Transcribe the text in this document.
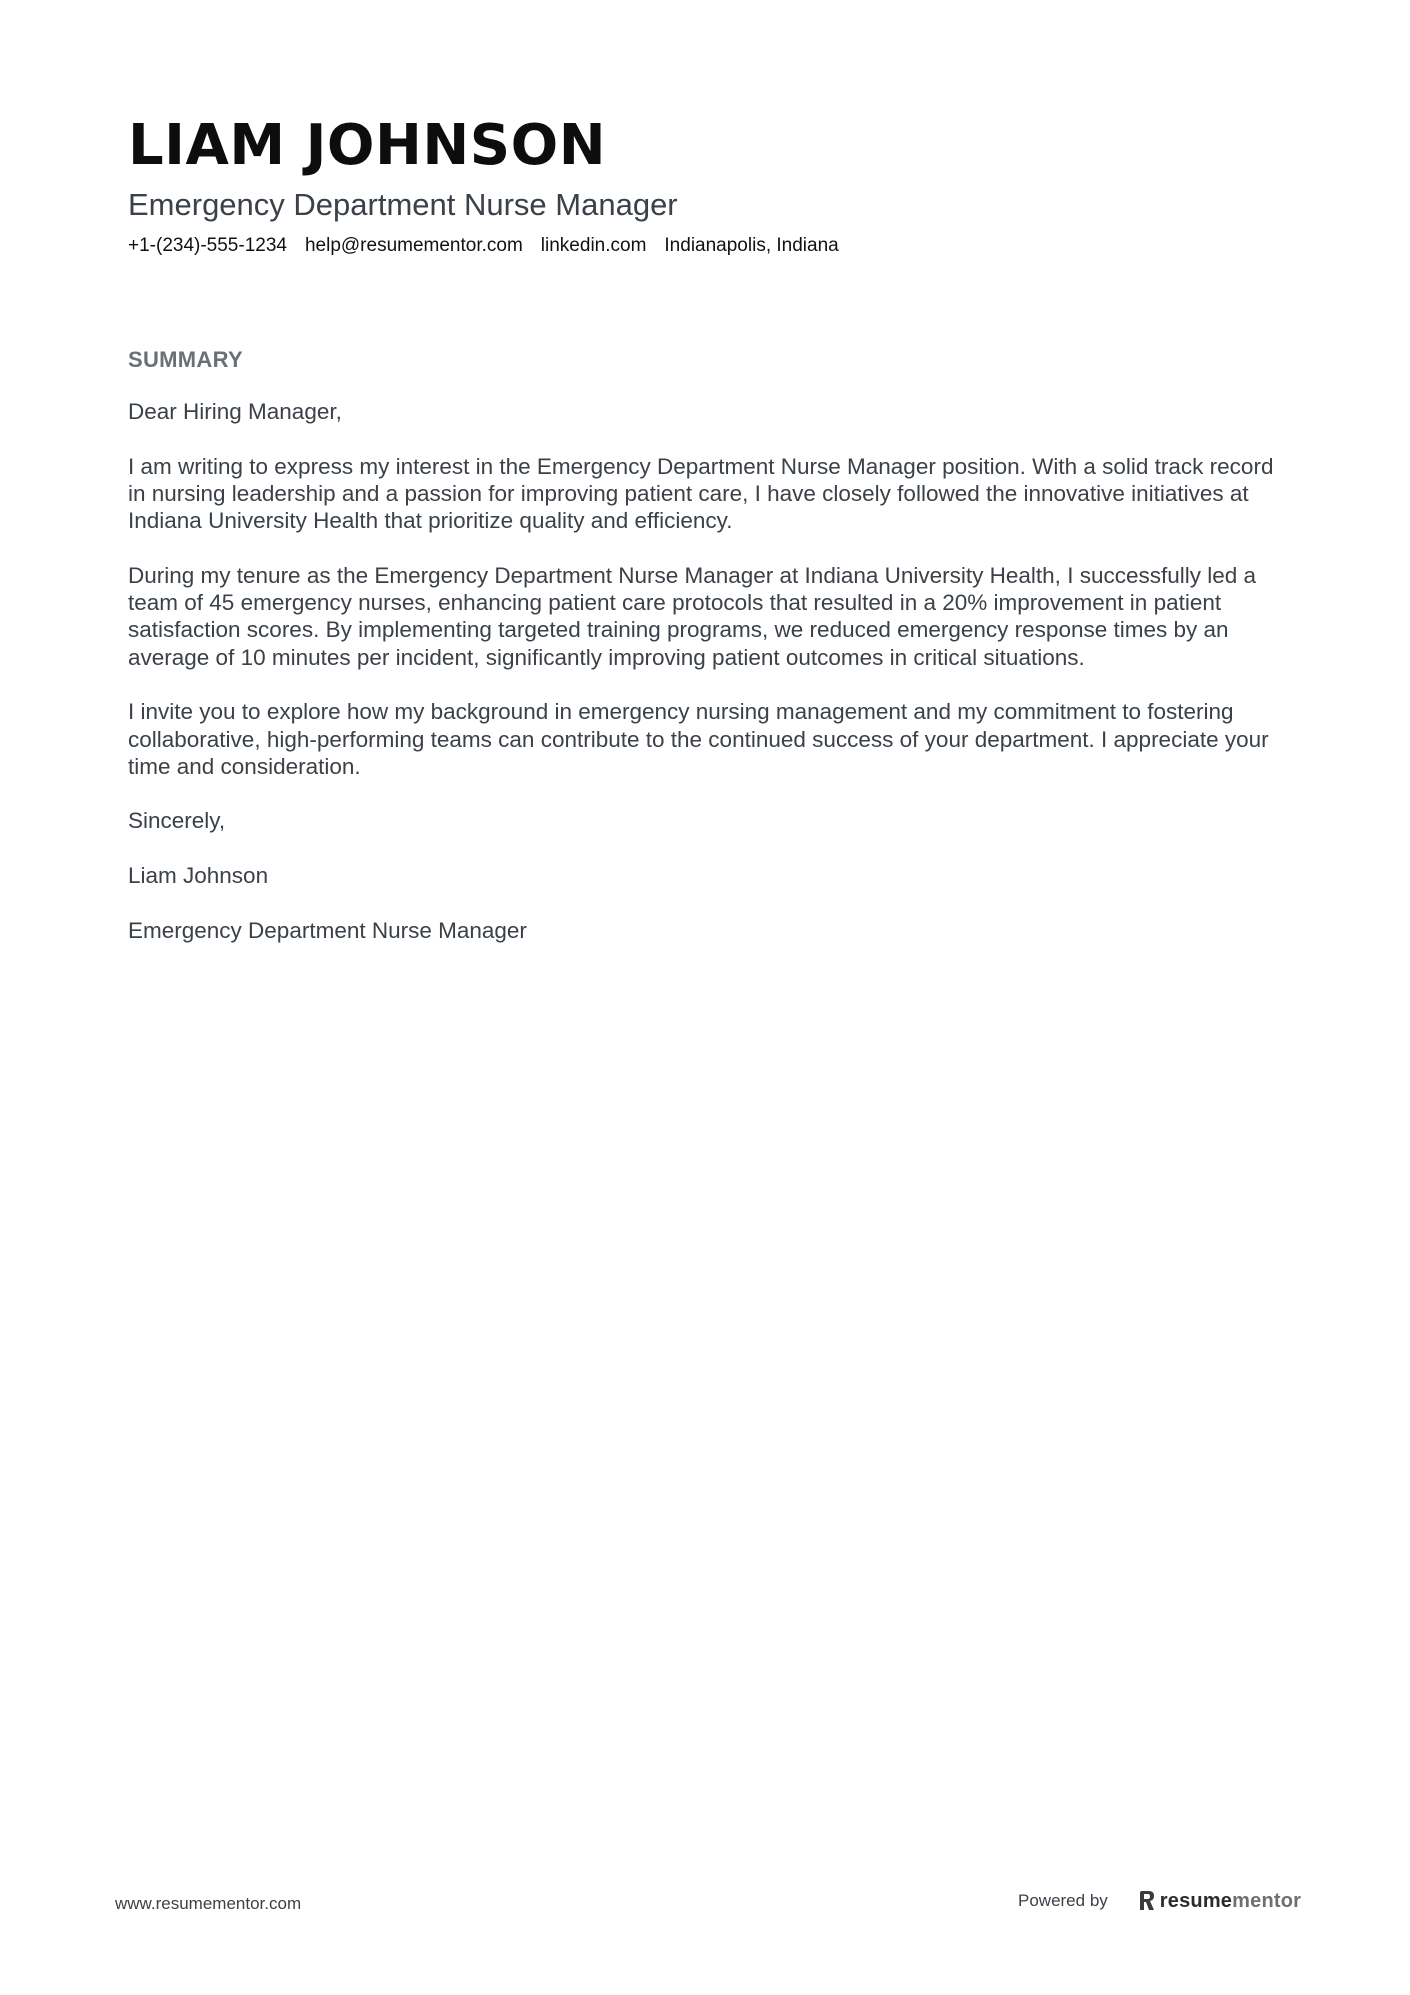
LIAM JOHNSON
Emergency Department Nurse Manager
+1-(234)-555-1234 help@resumementor.com linkedin.com Indianapolis, Indiana
SUMMARY

Dear Hiring Manager,

I am writing to express my interest in the Emergency Department Nurse Manager position. With a solid track record in nursing leadership and a passion for improving patient care, I have closely followed the innovative initiatives at Indiana University Health that prioritize quality and efficiency.

During my tenure as the Emergency Department Nurse Manager at Indiana University Health, I successfully led a team of 45 emergency nurses, enhancing patient care protocols that resulted in a 20% improvement in patient satisfaction scores. By implementing targeted training programs, we reduced emergency response times by an average of 10 minutes per incident, significantly improving patient outcomes in critical situations.

I invite you to explore how my background in emergency nursing management and my commitment to fostering collaborative, high-performing teams can contribute to the continued success of your department. I appreciate your time and consideration.

Sincerely,

Liam Johnson

Emergency Department Nurse Manager

www.resumementor.com	Powered by	resumementor
